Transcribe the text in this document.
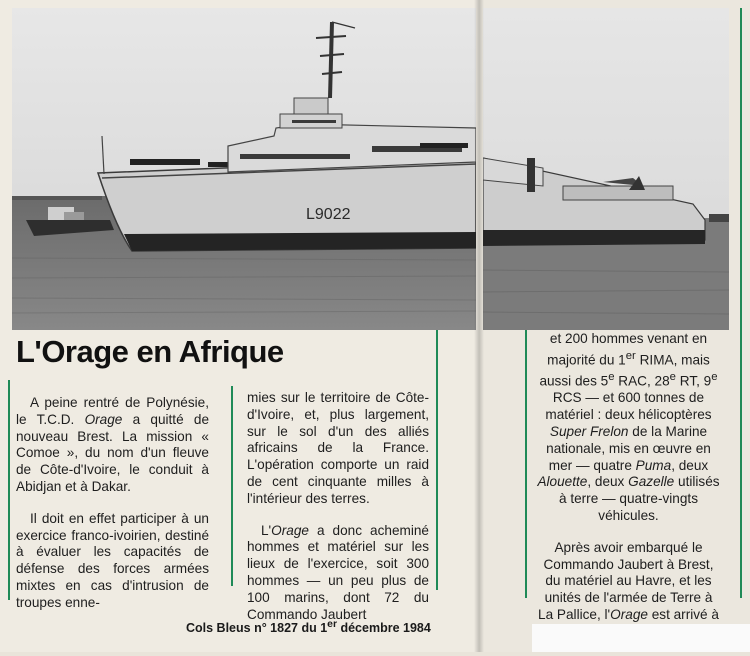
L9022
L'Orage en Afrique

A peine rentré de Polynésie, le T.C.D. Orage a quitté de nouveau Brest. La mission « Comoe », du nom d'un fleuve de Côte-d'Ivoire, le conduit à Abidjan et à Dakar.

Il doit en effet participer à un exercice franco-ivoirien, destiné à évaluer les capacités de défense des forces armées mixtes en cas d'intrusion de troupes enne-

mies sur le territoire de Côte-d'Ivoire, et, plus largement, sur le sol d'un des alliés africains de la France. L'opération comporte un raid de cent cinquante milles à l'intérieur des terres.

L'Orage a donc acheminé hommes et matériel sur les lieux de l'exercice, soit 300 hommes — un peu plus de 100 marins, dont 72 du Commando Jaubert

et 200 hommes venant en majorité du 1er RIMA, mais aussi des 5e RAC, 28e RT, 9e RCS — et 600 tonnes de matériel : deux hélicoptères Super Frelon de la Marine nationale, mis en œuvre en mer — quatre Puma, deux Alouette, deux Gazelle utilisés à terre — quatre-vingts véhicules.

Après avoir embarqué le Commando Jaubert à Brest, du matériel au Havre, et les unités de l'armée de Terre à La Pallice, l'Orage est arrivé à

Cols Bleus n° 1827 du 1er décembre 1984
